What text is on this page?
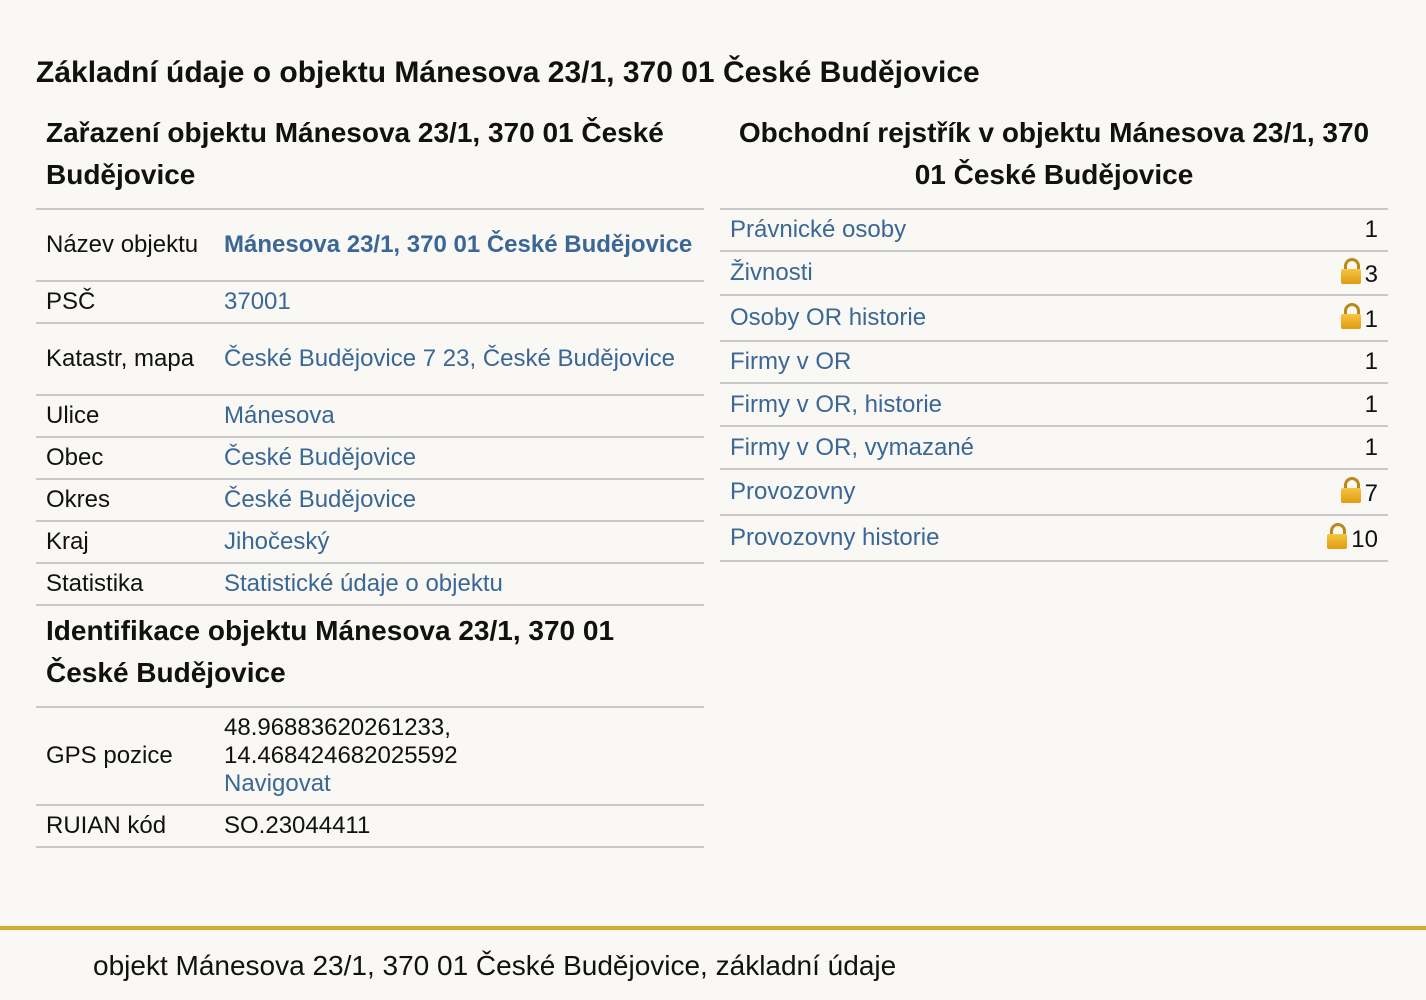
Základní údaje o objektu Mánesova 23/1, 370 01 České Budějovice
Zařazení objektu Mánesova 23/1, 370 01 České Budějovice
Název objektu	Mánesova 23/1, 370 01 České Budějovice
PSČ	37001
Katastr, mapa	České Budějovice 7 23, České Budějovice
Ulice	Mánesova
Obec	České Budějovice
Okres	České Budějovice
Kraj	Jihočeský
Statistika	Statistické údaje o objektu
Identifikace objektu Mánesova 23/1, 370 01 České Budějovice
GPS pozice	48.96883620261233,
14.468424682025592
Navigovat
RUIAN kód	SO.23044411
Obchodní rejstřík v objektu Mánesova 23/1, 370 01 České Budějovice
Právnické osoby	1
Živnosti	3
Osoby OR historie	1
Firmy v OR	1
Firmy v OR, historie	1
Firmy v OR, vymazané	1
Provozovny	7
Provozovny historie	10
objekt Mánesova 23/1, 370 01 České Budějovice, základní údaje
